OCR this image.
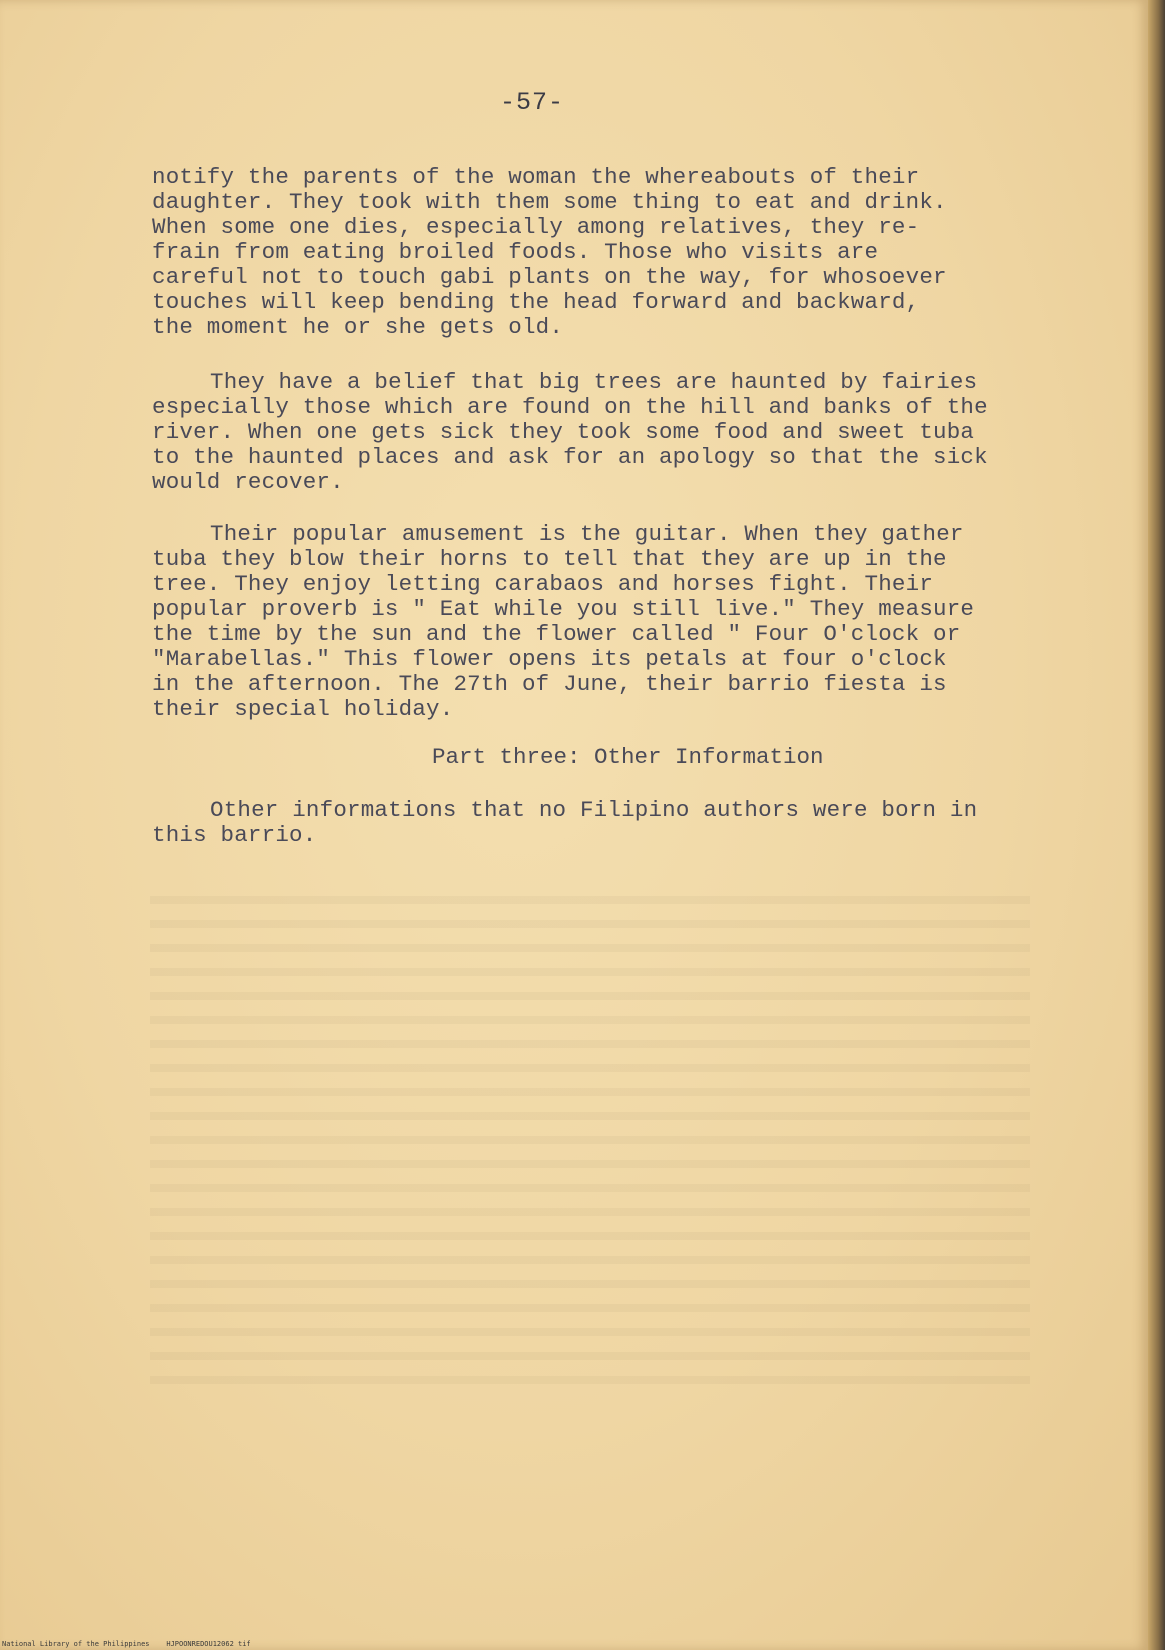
-57-
notify the parents of the woman the whereabouts of their
daughter. They took with them some thing to eat and drink.
When some one dies, especially among relatives, they re-
frain from eating broiled foods. Those who visits are
careful not to touch gabi plants on the way, for whosoever
touches will keep bending the head forward and backward,
the moment he or she gets old.
They have a belief that big trees are haunted by fairies
especially those which are found on the hill and banks of the
river. When one gets sick they took some food and sweet tuba
to the haunted places and ask for an apology so that the sick
would recover.
Their popular amusement is the guitar. When they gather
tuba they blow their horns to tell that they are up in the
tree. They enjoy letting carabaos and horses fight. Their
popular proverb is " Eat while you still live." They measure
the time by the sun and the flower called " Four O'clock or
"Marabellas." This flower opens its petals at four o'clock
in the afternoon. The 27th of June, their barrio fiesta is
their special holiday.
Part three: Other Information
Other informations that no Filipino authors were born in
this barrio.
National Library of the Philippines    HJPOONREDOU12062 tif
